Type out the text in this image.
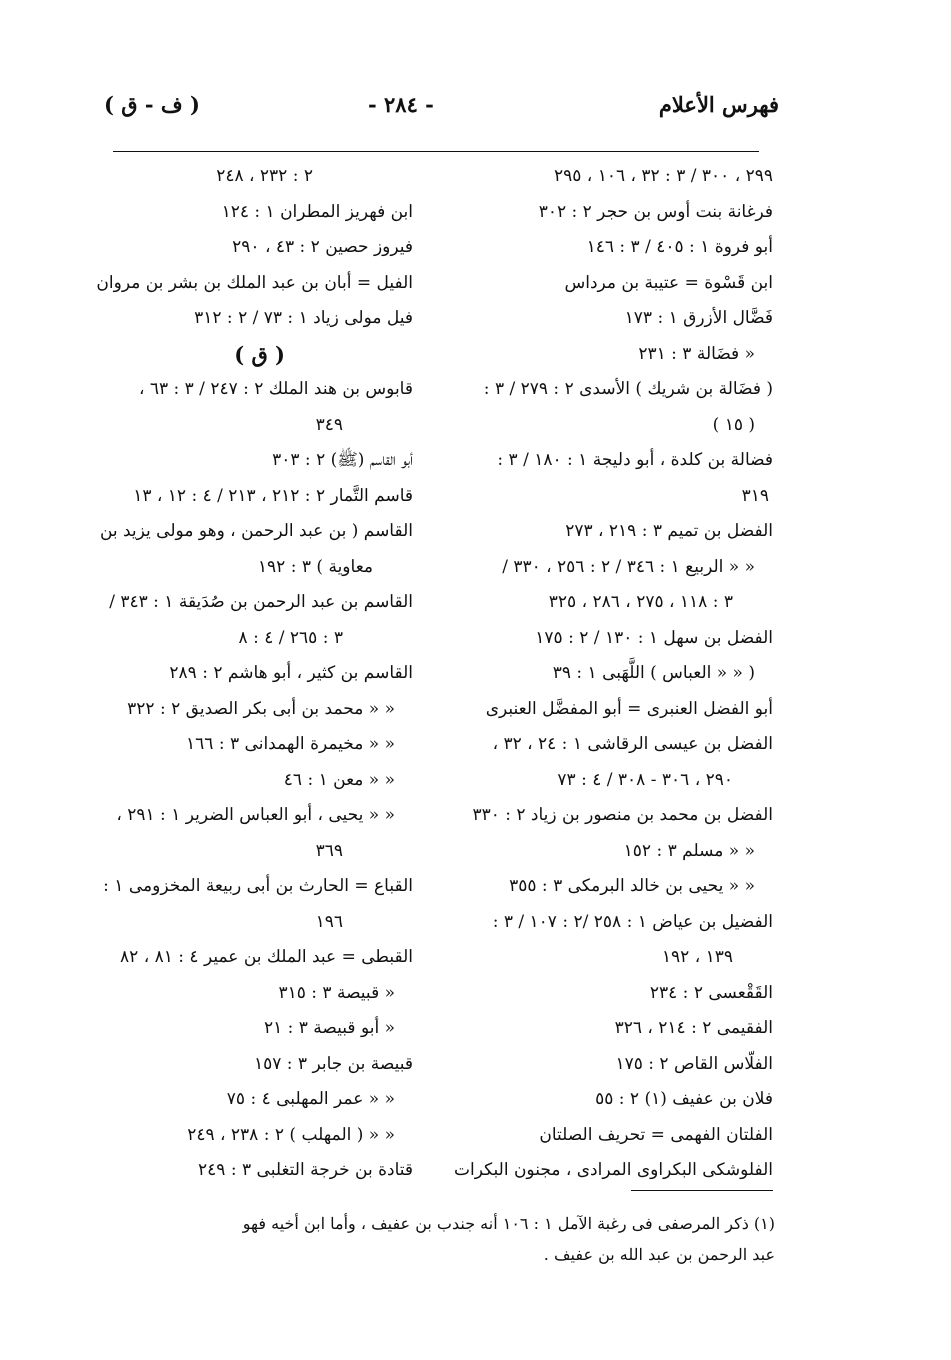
فهرس الأعلام
- ٢٨٤ -
( ف - ق )
٢٩٩ ، ٣٠٠ / ٣ : ٣٢ ، ١٠٦ ، ٢٩٥
فرغانة بنت أوس بن حجر ٢ : ٣٠٢
أبو فروة ١ : ٤٠٥ / ٣ : ١٤٦
ابن قَسْوة = عتيبة بن مرداس
فَضَّال الأزرق ١ : ١٧٣
« فضَالة ٣ : ٢٣١
( فضَالة بن شريك ) الأسدى ٢ : ٢٧٩ / ٣ :
( ١٥ )
فضالة بن كلدة ، أبو دليجة ١ : ١٨٠ / ٣ :
٣١٩
الفضل بن تميم ٣ : ٢١٩ ، ٢٧٣
« « الربيع ١ : ٣٤٦ / ٢ : ٢٥٦ ، ٣٣٠ /
٣ : ١١٨ ، ٢٧٥ ، ٢٨٦ ، ٣٢٥
الفضل بن سهل ١ : ١٣٠ / ٢ : ١٧٥
( « « العباس ) اللَّهَبى ١ : ٣٩
أبو الفضل العنبرى = أبو المفضَّل العنبرى
الفضل بن عيسى الرقاشى ١ : ٢٤ ، ٣٢ ،
٢٩٠ ، ٣٠٦ - ٣٠٨ / ٤ : ٧٣
الفضل بن محمد بن منصور بن زياد ٢ : ٣٣٠
« « مسلم ٣ : ١٥٢
« « يحيى بن خالد البرمكى ٣ : ٣٥٥
الفضيل بن عياض ١ : ٢٥٨ /٢ : ١٠٧ / ٣ :
١٣٩ ، ١٩٢
القَقْعسى ٢ : ٢٣٤
الفقيمى ٢ : ٢١٤ ، ٣٢٦
الفلّاس القاص ٢ : ١٧٥
فلان بن عفيف (١) ٢ : ٥٥
الفلتان الفهمى = تحريف الصلتان
الفلوشكى البكراوى المرادى ، مجنون البكرات
٢ : ٢٣٢ ، ٢٤٨
ابن فهريز المطران ١ : ١٢٤
فيروز حصين ٢ : ٤٣ ، ٢٩٠
الفيل = أبان بن عبد الملك بن بشر بن مروان
فيل مولى زياد ١ : ٧٣ / ٢ : ٣١٢
( ق )
قابوس بن هند الملك ٢ : ٢٤٧ / ٣ : ٦٣ ،
٣٤٩
أبو القاسم (ﷺ) ٢ : ٣٠٣
قاسم التَّمار ٢ : ٢١٢ ، ٢١٣ / ٤ : ١٢ ، ١٣
القاسم ( بن عبد الرحمن ، وهو مولى يزيد بن
معاوية ) ٣ : ١٩٢
القاسم بن عبد الرحمن بن صُدَيقة ١ : ٣٤٣ /
٣ : ٢٦٥ / ٤ : ٨
القاسم بن كثير ، أبو هاشم ٢ : ٢٨٩
« « محمد بن أبى بكر الصديق ٢ : ٣٢٢
« « مخيمرة الهمدانى ٣ : ١٦٦
« « معن ١ : ٤٦
« « يحيى ، أبو العباس الضرير ١ : ٢٩١ ،
٣٦٩
القباع = الحارث بن أبى ربيعة المخزومى ١ :
١٩٦
القبطى = عبد الملك بن عمير ٤ : ٨١ ، ٨٢
« قبيصة ٣ : ٣١٥
« أبو قبيصة ٣ : ٢١
قبيصة بن جابر ٣ : ١٥٧
« « عمر المهلبى ٤ : ٧٥
« « ( المهلب ) ٢ : ٢٣٨ ، ٢٤٩
قتادة بن خرجة التغلبى ٣ : ٢٤٩
(١) ذكر المرصفى فى رغبة الآمل ١ : ١٠٦ أنه جندب بن عفيف ، وأما ابن أخيه فهو
عبد الرحمن بن عبد الله بن عفيف .
